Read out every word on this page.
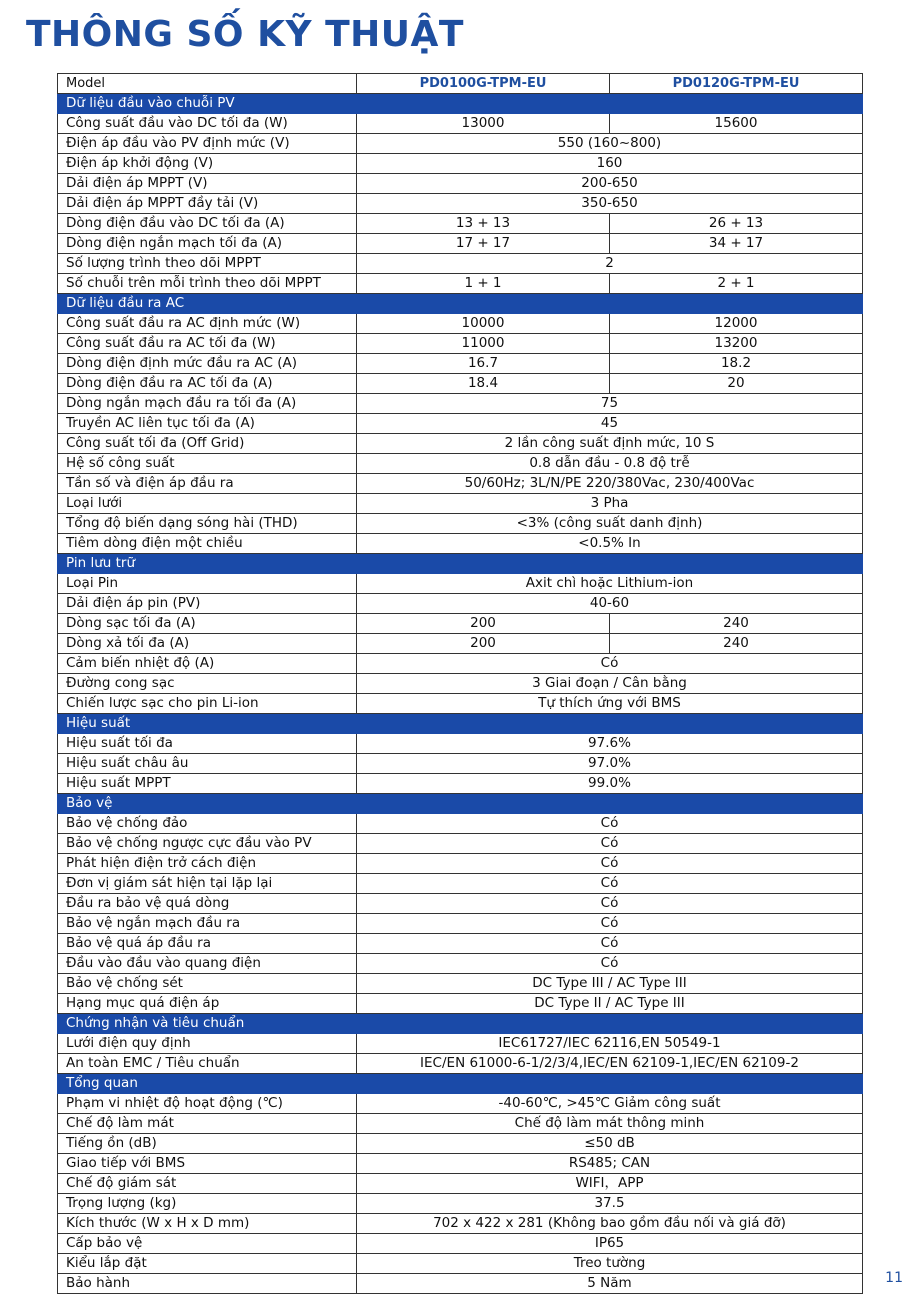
THÔNG SỐ KỸ THUẬT
Model	PD0100G-TPM-EU	PD0120G-TPM-EU
Dữ liệu đầu vào chuỗi PV		
Công suất đầu vào DC tối đa (W)	13000	15600
Điện áp đầu vào PV định mức (V)	550 (160~800)	
Điện áp khởi động (V)	160	
Dải điện áp MPPT (V)	200-650	
Dải điện áp MPPT đầy tải (V)	350-650	
Dòng điện đầu vào DC tối đa (A)	13 + 13	26 + 13
Dòng điện ngắn mạch tối đa (A)	17 + 17	34 + 17
Số lượng trình theo dõi MPPT	2	
Số chuỗi trên mỗi trình theo dõi MPPT	1 + 1	2 + 1
Dữ liệu đầu ra AC		
Công suất đầu ra AC định mức (W)	10000	12000
Công suất đầu ra AC tối đa (W)	11000	13200
Dòng điện định mức đầu ra AC (A)	16.7	18.2
Dòng điện đầu ra AC tối đa (A)	18.4	20
Dòng ngắn mạch đầu ra tối đa (A)	75	
Truyền AC liên tục tối đa (A)	45	
Công suất tối đa (Off Grid)	2 lần công suất định mức, 10 S	
Hệ số công suất	0.8 dẫn đầu - 0.8 độ trễ	
Tần số và điện áp đầu ra	50/60Hz; 3L/N/PE 220/380Vac, 230/400Vac	
Loại lưới	3 Pha	
Tổng độ biến dạng sóng hài (THD)	<3% (công suất danh định)	
Tiêm dòng điện một chiều	<0.5% In	
Pin lưu trữ		
Loại Pin	Axit chì hoặc Lithium-ion	
Dải điện áp pin (PV)	40-60	
Dòng sạc tối đa (A)	200	240
Dòng xả tối đa (A)	200	240
Cảm biến nhiệt độ (A)	Có	
Đường cong sạc	3 Giai đoạn / Cân bằng	
Chiến lược sạc cho pin Li-ion	Tự thích ứng với BMS	
Hiệu suất		
Hiệu suất tối đa	97.6%	
Hiệu suất châu âu	97.0%	
Hiệu suất MPPT	99.0%	
Bảo vệ		
Bảo vệ chống đảo	Có	
Bảo vệ chống ngược cực đầu vào PV	Có	
Phát hiện điện trở cách điện	Có	
Đơn vị giám sát hiện tại lặp lại	Có	
Đầu ra bảo vệ quá dòng	Có	
Bảo vệ ngắn mạch đầu ra	Có	
Bảo vệ quá áp đầu ra	Có	
Đầu vào đầu vào quang điện	Có	
Bảo vệ chống sét	DC Type III / AC Type III	
Hạng mục quá điện áp	DC Type II / AC Type III	
Chứng nhận và tiêu chuẩn		
Lưới điện quy định	IEC61727/IEC 62116,EN 50549-1	
An toàn EMC / Tiêu chuẩn	IEC/EN 61000-6-1/2/3/4,IEC/EN 62109-1,IEC/EN 62109-2	
Tổng quan		
Phạm vi nhiệt độ hoạt động (℃)	-40-60℃, >45℃ Giảm công suất	
Chế độ làm mát	Chế độ làm mát thông minh	
Tiếng ồn (dB)	≤50 dB	
Giao tiếp với BMS	RS485; CAN	
Chế độ giám sát	WIFI，APP	
Trọng lượng (kg)	37.5	
Kích thước (W x H x D mm)	702 x 422 x 281 (Không bao gồm đầu nối và giá đỡ)	
Cấp bảo vệ	IP65	
Kiểu lắp đặt	Treo tường	
Bảo hành	5 Năm		11
